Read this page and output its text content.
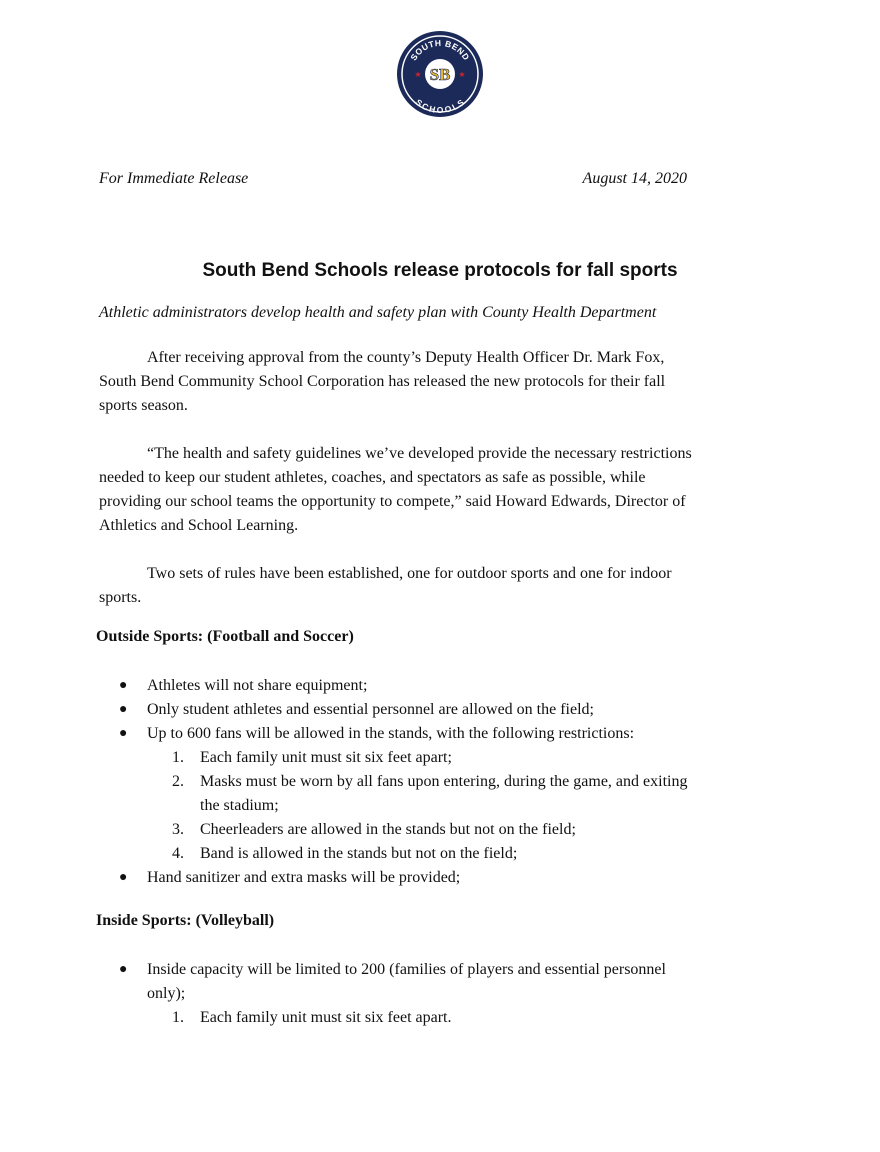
SOUTH BEND
SCHOOLS
SB
★	★
For Immediate Release	August 14, 2020
South Bend Schools release protocols for fall sports

Athletic administrators develop health and safety plan with County Health Department

After receiving approval from the county’s Deputy Health Officer Dr. Mark Fox, South Bend Community School Corporation has released the new protocols for their fall sports season.

“The health and safety guidelines we’ve developed provide the necessary restrictions needed to keep our student athletes, coaches, and spectators as safe as possible, while providing our school teams the opportunity to compete,” said Howard Edwards, Director of Athletics and School Learning.

Two sets of rules have been established, one for outdoor sports and one for indoor sports.

Outside Sports: (Football and Soccer)
● Athletes will not share equipment;
● Only student athletes and essential personnel are allowed on the field;
● Up to 600 fans will be allowed in the stands, with the following restrictions:
1. Each family unit must sit six feet apart;
2. Masks must be worn by all fans upon entering, during the game, and exiting the stadium;
3. Cheerleaders are allowed in the stands but not on the field;
4. Band is allowed in the stands but not on the field;
● Hand sanitizer and extra masks will be provided;
Inside Sports: (Volleyball)
● Inside capacity will be limited to 200 (families of players and essential personnel only);
1. Each family unit must sit six feet apart.
